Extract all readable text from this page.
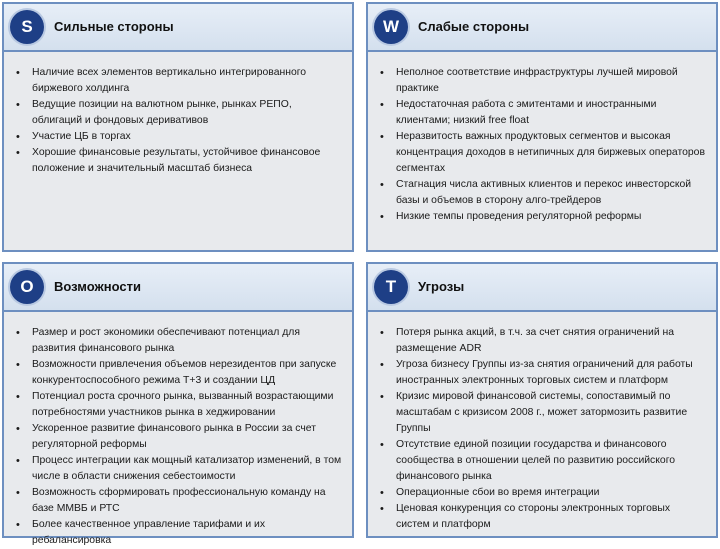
S	Сильные стороны
• Наличие всех элементов вертикально интегрированного биржевого холдинга
• Ведущие позиции на валютном рынке, рынках РЕПО, облигаций и фондовых деривативов
• Участие ЦБ в торгах
• Хорошие финансовые результаты, устойчивое финансовое положение и значительный масштаб бизнеса
W	Слабые стороны
• Неполное соответствие инфраструктуры лучшей мировой практике
• Недостаточная работа с эмитентами и иностранными клиентами; низкий free float
• Неразвитость важных продуктовых сегментов и высокая концентрация доходов в нетипичных для биржевых операторов сегментах
• Стагнация числа активных клиентов и перекос инвесторской базы и объемов в сторону алго-трейдеров
• Низкие темпы проведения регуляторной реформы
O	Возможности
• Размер и рост экономики обеспечивают потенциал для развития финансового рынка
• Возможности привлечения объемов нерезидентов при запуске конкурентоспособного режима Т+3 и создании ЦД
• Потенциал роста срочного рынка, вызванный возрастающими потребностями участников рынка в хеджировании
• Ускоренное развитие финансового рынка в России за счет регуляторной реформы
• Процесс интеграции как мощный катализатор изменений, в том числе в области снижения себестоимости
• Возможность сформировать профессиональную команду на базе ММВБ и РТС
• Более качественное управление тарифами и их ребалансировка
T	Угрозы
• Потеря рынка акций, в т.ч. за счет снятия ограничений на размещение ADR
• Угроза бизнесу Группы из-за снятия ограничений для работы иностранных электронных торговых систем и платформ
• Кризис мировой финансовой системы, сопоставимый по масштабам с кризисом 2008 г., может затормозить развитие Группы
• Отсутствие единой позиции государства и финансового сообщества в отношении целей по развитию российского финансового рынка
• Операционные сбои во время интеграции
• Ценовая конкуренция со стороны электронных торговых систем и платформ
